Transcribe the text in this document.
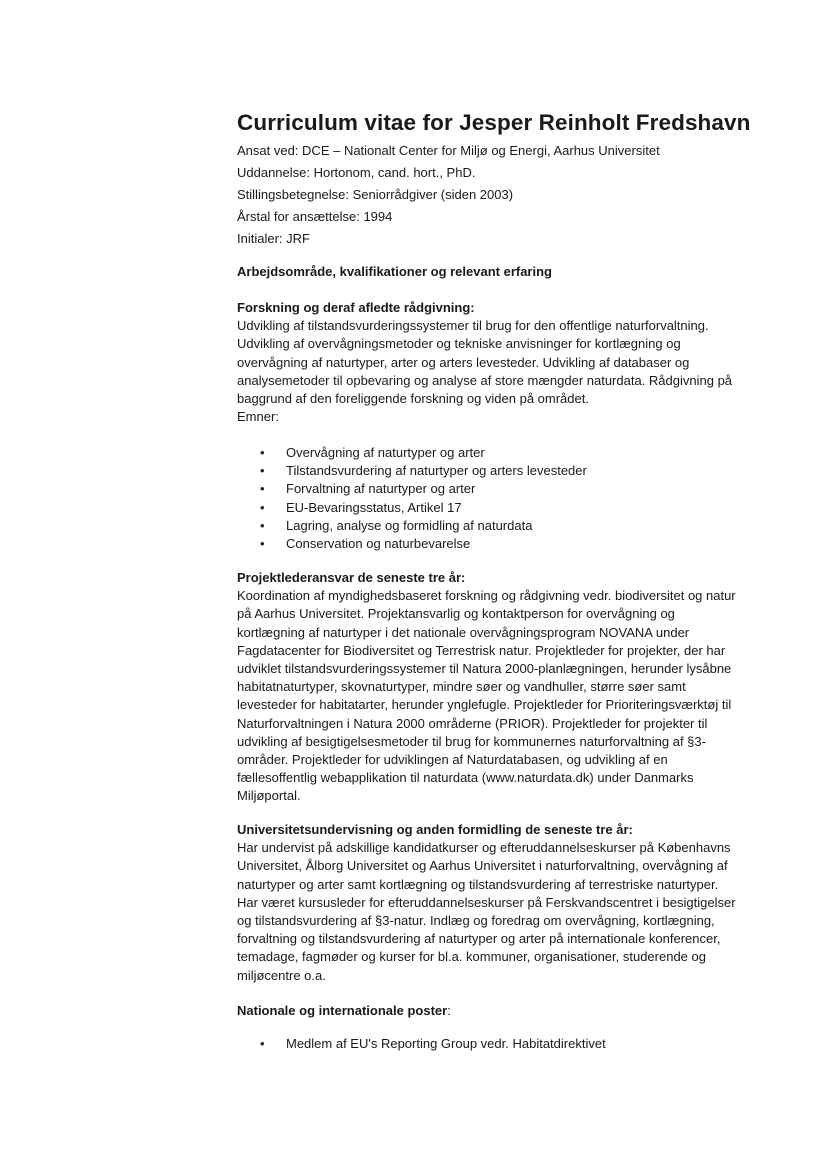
Curriculum vitae for Jesper Reinholt Fredshavn
Ansat ved: DCE – Nationalt Center for Miljø og Energi, Aarhus Universitet
Uddannelse: Hortonom, cand. hort., PhD.
Stillingsbetegnelse: Seniorrådgiver (siden 2003)
Årstal for ansættelse: 1994
Initialer: JRF
Arbejdsområde, kvalifikationer og relevant erfaring
Forskning og deraf afledte rådgivning:

Udvikling af tilstandsvurderingssystemer til brug for den offentlige naturforvaltning.
Udvikling af overvågningsmetoder og tekniske anvisninger for kortlægning og
overvågning af naturtyper, arter og arters levesteder. Udvikling af databaser og
analysemetoder til opbevaring og analyse af store mængder naturdata. Rådgivning på
baggrund af den foreliggende forskning og viden på området.
Emner:

• Overvågning af naturtyper og arter
• Tilstandsvurdering af naturtyper og arters levesteder
• Forvaltning af naturtyper og arter
• EU-Bevaringsstatus, Artikel 17
• Lagring, analyse og formidling af naturdata
• Conservation og naturbevarelse
Projektlederansvar de seneste tre år:

Koordination af myndighedsbaseret forskning og rådgivning vedr. biodiversitet og natur
på Aarhus Universitet. Projektansvarlig og kontaktperson for overvågning og
kortlægning af naturtyper i det nationale overvågningsprogram NOVANA under
Fagdatacenter for Biodiversitet og Terrestrisk natur. Projektleder for projekter, der har
udviklet tilstandsvurderingssystemer til Natura 2000-planlægningen, herunder lysåbne
habitatnaturtyper, skovnaturtyper, mindre søer og vandhuller, større søer samt
levesteder for habitatarter, herunder ynglefugle. Projektleder for Prioriteringsværktøj til
Naturforvaltningen i Natura 2000 områderne (PRIOR). Projektleder for projekter til
udvikling af besigtigelsesmetoder til brug for kommunernes naturforvaltning af §3-
områder. Projektleder for udviklingen af Naturdatabasen, og udvikling af en
fællesoffentlig webapplikation til naturdata (www.naturdata.dk) under Danmarks
Miljøportal.

Universitetsundervisning og anden formidling de seneste tre år:

Har undervist på adskillige kandidatkurser og efteruddannelseskurser på Københavns
Universitet, Ålborg Universitet og Aarhus Universitet i naturforvaltning, overvågning af
naturtyper og arter samt kortlægning og tilstandsvurdering af terrestriske naturtyper.
Har været kursusleder for efteruddannelseskurser på Ferskvandscentret i besigtigelser
og tilstandsvurdering af §3-natur. Indlæg og foredrag om overvågning, kortlægning,
forvaltning og tilstandsvurdering af naturtyper og arter på internationale konferencer,
temadage, fagmøder og kurser for bl.a. kommuner, organisationer, studerende og
miljøcentre o.a.

Nationale og internationale poster:
• Medlem af EU's Reporting Group vedr. Habitatdirektivet
